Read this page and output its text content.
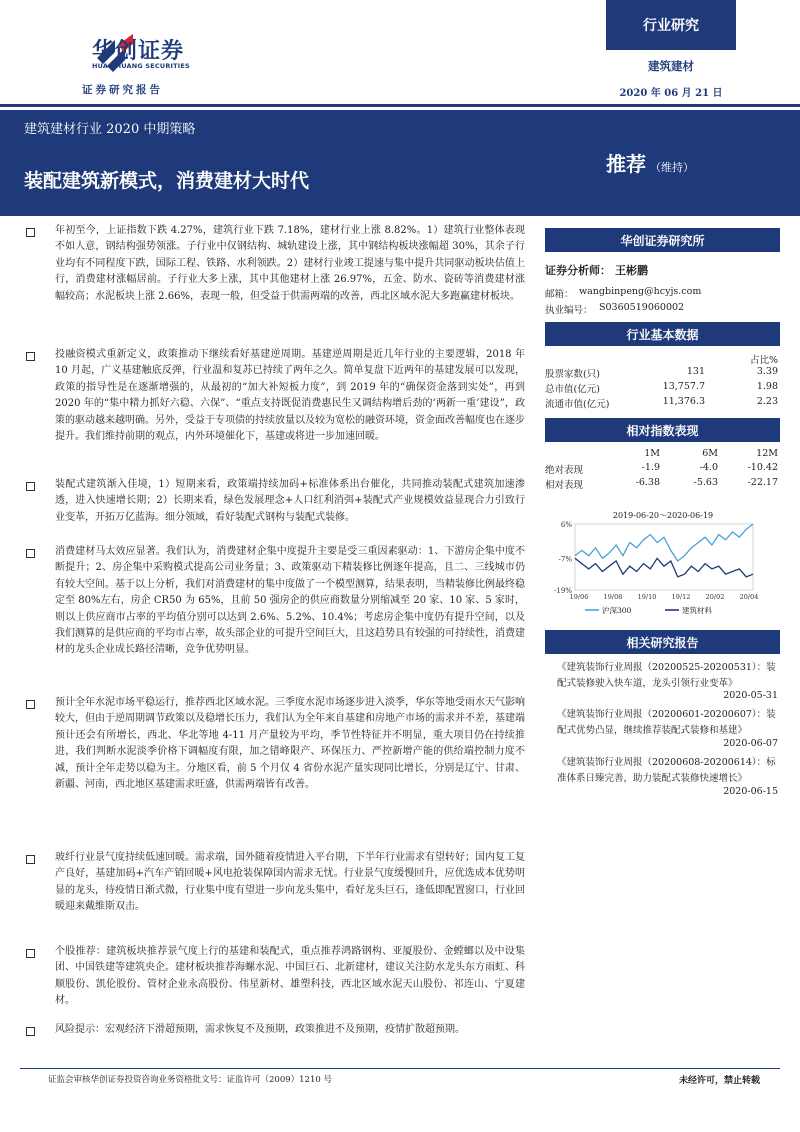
华创证券
HUA CHUANG SECURITIES
证券研究报告
行业研究
建筑建材
2020 年 06 月 21 日
建筑建材行业 2020 中期策略
装配建筑新模式，消费建材大时代
推荐 （维持）
年初至今，上证指数下跌 4.27%，建筑行业下跌 7.18%，建材行业上涨 8.82%。1）建筑行业整体表现不如人意，钢结构强势领涨。子行业中仅钢结构、城轨建设上涨，其中钢结构板块涨幅超 30%，其余子行业均有不同程度下跌，国际工程、铁路、水利领跌。2）建材行业竣工提速与集中提升共同驱动板块估值上行，消费建材涨幅居前。子行业大多上涨，其中其他建材上涨 26.97%，五金、防水、瓷砖等消费建材涨幅较高；水泥板块上涨 2.66%，表现一般，但受益于供需两端的改善，西北区域水泥大多跑赢建材板块。
投融资模式重新定义，政策推动下继续看好基建逆周期。基建逆周期是近几年行业的主要逻辑，2018 年 10 月起，广义基建触底反弹，行业温和复苏已持续了两年之久。简单复盘下近两年的基建发展可以发现，政策的指导性是在逐渐增强的，从最初的“加大补短板力度”，到 2019 年的“确保资金落到实处”，再到 2020 年的“集中精力抓好六稳、六保”、“重点支持既促消费惠民生又调结构增后劲的‘两新一重’建设”，政策的驱动越来越明确。另外，受益于专项债的持续放量以及较为宽松的融资环境，资金面改善幅度也在逐步提升。我们维持前期的观点，内外环境催化下，基建或将进一步加速回暖。
装配式建筑渐入佳境，1）短期来看，政策端持续加码+标准体系出台催化，共同推动装配式建筑加速渗透，进入快速增长期；2）长期来看，绿色发展理念+人口红利消弭+装配式产业规模效益显现合力引致行业变革，开拓万亿蓝海。细分领域，看好装配式钢构与装配式装修。
消费建材马太效应显著。我们认为，消费建材企集中度提升主要是受三重因素驱动：1、下游房企集中度不断提升；2、房企集中采购模式提高公司业务量；3、政策驱动下精装修比例逐年提高，且二、三线城市仍有较大空间。基于以上分析，我们对消费建材的集中度做了一个模型测算，结果表明，当精装修比例最终稳定至 80%左右，房企 CR50 为 65%，且前 50 强房企的供应商数量分别缩减至 20 家、10 家、5 家时，则以上供应商市占率的平均值分别可以达到 2.6%、5.2%、10.4%；考虑房企集中度仍有提升空间，以及我们测算的是供应商的平均市占率，故头部企业的可提升空间巨大，且这趋势具有较强的可持续性，消费建材的龙头企业成长路径清晰，竞争优势明显。
预计全年水泥市场平稳运行，推荐西北区域水泥。三季度水泥市场逐步进入淡季，华东等地受雨水天气影响较大，但由于逆周期调节政策以及稳增长压力，我们认为全年来自基建和房地产市场的需求并不差，基建端预计还会有所增长，西北、华北等地 4-11 月产量较为平均，季节性特征并不明显，重大项目仍在持续推进，我们判断水泥淡季价格下调幅度有限，加之错峰限产、环保压力、严控新增产能的供给端控制力度不减，预计全年走势以稳为主。分地区看，前 5 个月仅 4 省份水泥产量实现同比增长，分别是辽宁、甘肃、新疆、河南，西北地区基建需求旺盛，供需两端皆有改善。
玻纤行业景气度持续低速回暖。需求端，国外随着疫情进入平台期，下半年行业需求有望转好；国内复工复产良好，基建加码+汽车产销回暖+风电抢装保障国内需求无忧。行业景气度缓慢回升，应优选成本优势明显的龙头，待疫情日渐式微，行业集中度有望进一步向龙头集中，看好龙头巨石，逢低即配置窗口，行业回暖迎来戴维斯双击。
个股推荐：建筑板块推荐景气度上行的基建和装配式，重点推荐鸿路钢构、亚厦股份、金螳螂以及中设集团、中国铁建等建筑央企。建材板块推荐海螺水泥、中国巨石、北新建材，建议关注防水龙头东方雨虹、科顺股份、凯伦股份、管材企业永高股份、伟星新材、雄塑科技，西北区域水泥天山股份、祁连山、宁夏建材。
风险提示：宏观经济下滑超预期，需求恢复不及预期，政策推进不及预期，疫情扩散超预期。
华创证券研究所
证券分析师： 王彬鹏
邮箱： wangbinpeng@hcyjs.com
执业编号： S0360519060002
行业基本数据
占比%
股票家数(只)	131	3.39
总市值(亿元)	13,757.7	1.98
流通市值(亿元)	11,376.3	2.23
相对指数表现
1M	6M	12M
绝对表现	-1.9	-4.0	-10.42
相对表现	-6.38	-5.63	-22.17
2019-06-20～2020-06-19
6%
-7%
-19%
19/06 19/08 19/10 19/12 20/02 20/04
沪深300	建筑材料
相关研究报告
《建筑装饰行业周报（20200525-20200531）：装配式装修驶入快车道，龙头引领行业变革》
2020-05-31
《建筑装饰行业周报（20200601-20200607）：装配式优势凸显，继续推荐装配式装修和基建》
2020-06-07
《建筑装饰行业周报（20200608-20200614）：标准体系日臻完善，助力装配式装修快速增长》
2020-06-15
证监会审核华创证券投资咨询业务资格批文号：证监许可（2009）1210 号	未经许可，禁止转载
